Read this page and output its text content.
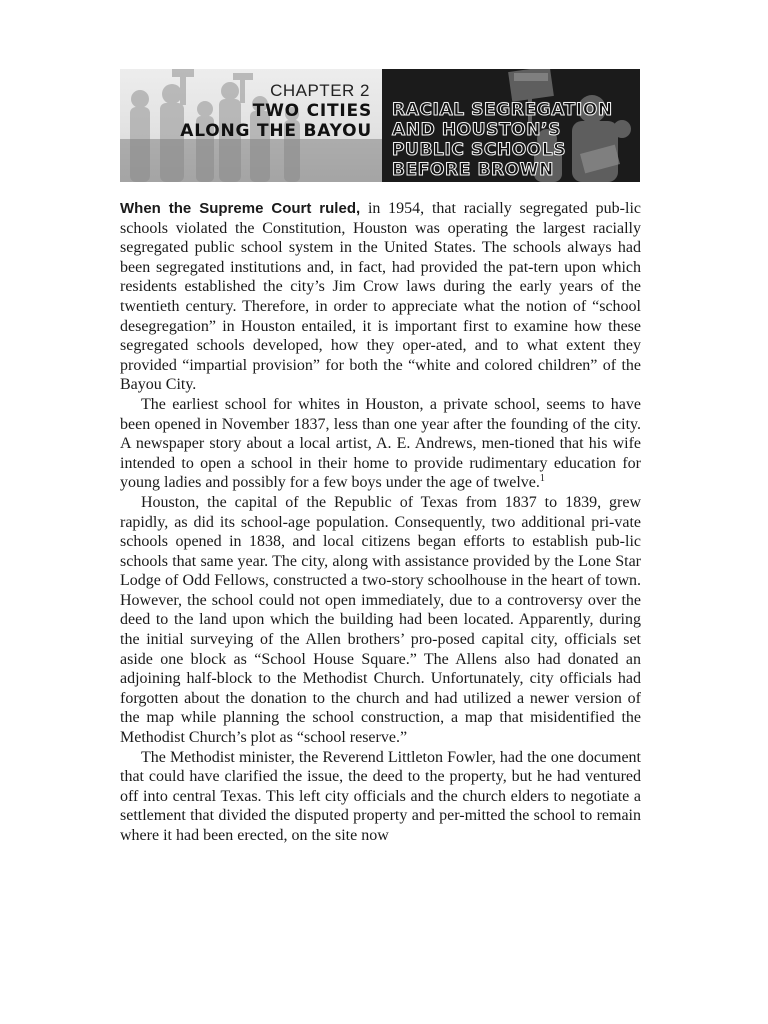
CHAPTER 2
TWO CITIES
ALONG THE BAYOU
RACIAL SEGREGATION
AND HOUSTON’S
PUBLIC SCHOOLS
BEFORE BROWN

When the Supreme Court ruled, in 1954, that racially segregated pub-lic schools violated the Constitution, Houston was operating the largest racially segregated public school system in the United States. The schools always had been segregated institutions and, in fact, had provided the pat-tern upon which residents established the city’s Jim Crow laws during the early years of the twentieth century. Therefore, in order to appreciate what the notion of “school desegregation” in Houston entailed, it is important first to examine how these segregated schools developed, how they oper-ated, and to what extent they provided “impartial provision” for both the “white and colored children” of the Bayou City.

The earliest school for whites in Houston, a private school, seems to have been opened in November 1837, less than one year after the founding of the city. A newspaper story about a local artist, A. E. Andrews, men-tioned that his wife intended to open a school in their home to provide rudimentary education for young ladies and possibly for a few boys under the age of twelve.$^1$

Houston, the capital of the Republic of Texas from 1837 to 1839, grew rapidly, as did its school-age population. Consequently, two additional pri-vate schools opened in 1838, and local citizens began efforts to establish pub-lic schools that same year. The city, along with assistance provided by the Lone Star Lodge of Odd Fellows, constructed a two-story schoolhouse in the heart of town. However, the school could not open immediately, due to a controversy over the deed to the land upon which the building had been located. Apparently, during the initial surveying of the Allen brothers’ pro-posed capital city, officials set aside one block as “School House Square.” The Allens also had donated an adjoining half-block to the Methodist Church. Unfortunately, city officials had forgotten about the donation to the church and had utilized a newer version of the map while planning the school construction, a map that misidentified the Methodist Church’s plot as “school reserve.”

The Methodist minister, the Reverend Littleton Fowler, had the one document that could have clarified the issue, the deed to the property, but he had ventured off into central Texas. This left city officials and the church elders to negotiate a settlement that divided the disputed property and per-mitted the school to remain where it had been erected, on the site now
